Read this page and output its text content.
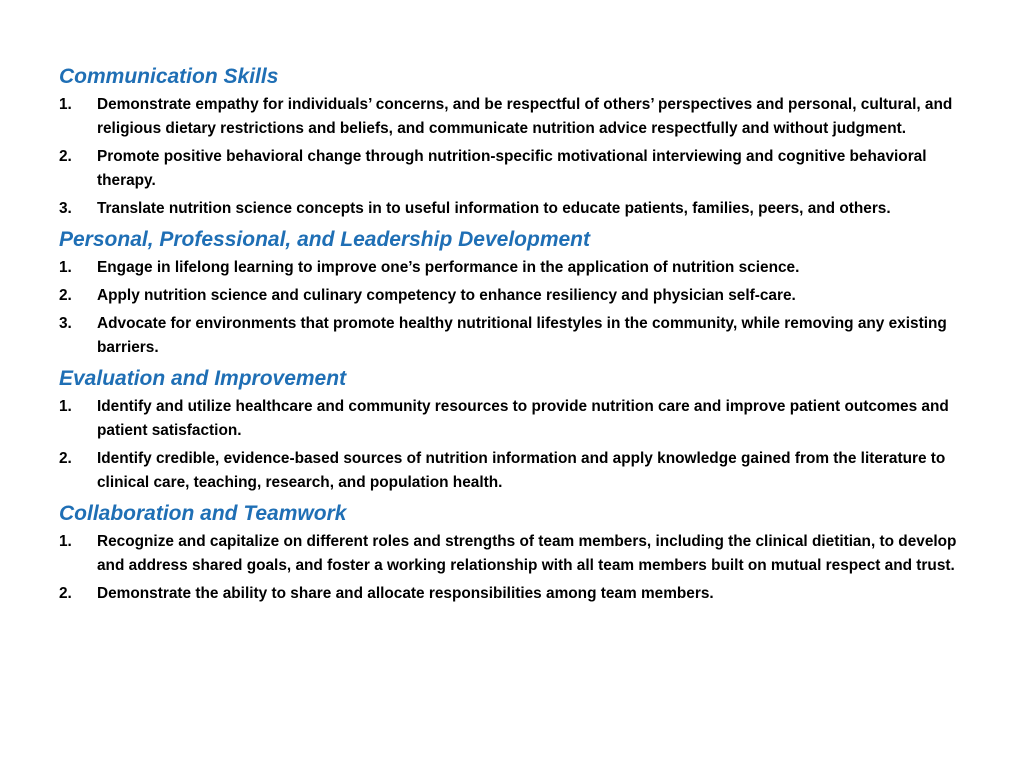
Communication Skills
1.	Demonstrate empathy for individuals’ concerns, and be respectful of others’ perspectives and personal, cultural, and religious dietary restrictions and beliefs, and communicate nutrition advice respectfully and without judgment.
2.	Promote positive behavioral change through nutrition-specific motivational interviewing and cognitive behavioral therapy.
3.	Translate nutrition science concepts in to useful information to educate patients, families, peers, and others.
Personal, Professional, and Leadership Development
1.	Engage in lifelong learning to improve one’s performance in the application of nutrition science.
2.	Apply nutrition science and culinary competency to enhance resiliency and physician self-care.
3.	Advocate for environments that promote healthy nutritional lifestyles in the community, while removing any existing barriers.
Evaluation and Improvement
1.	Identify and utilize healthcare and community resources to provide nutrition care and improve patient outcomes and patient satisfaction.
2.	Identify credible, evidence-based sources of nutrition information and apply knowledge gained from the literature to clinical care, teaching, research, and population health.
Collaboration and Teamwork
1.	Recognize and capitalize on different roles and strengths of team members, including the clinical dietitian, to develop and address shared goals, and foster a working relationship with all team members built on mutual respect and trust.
2.	Demonstrate the ability to share and allocate responsibilities among team members.
